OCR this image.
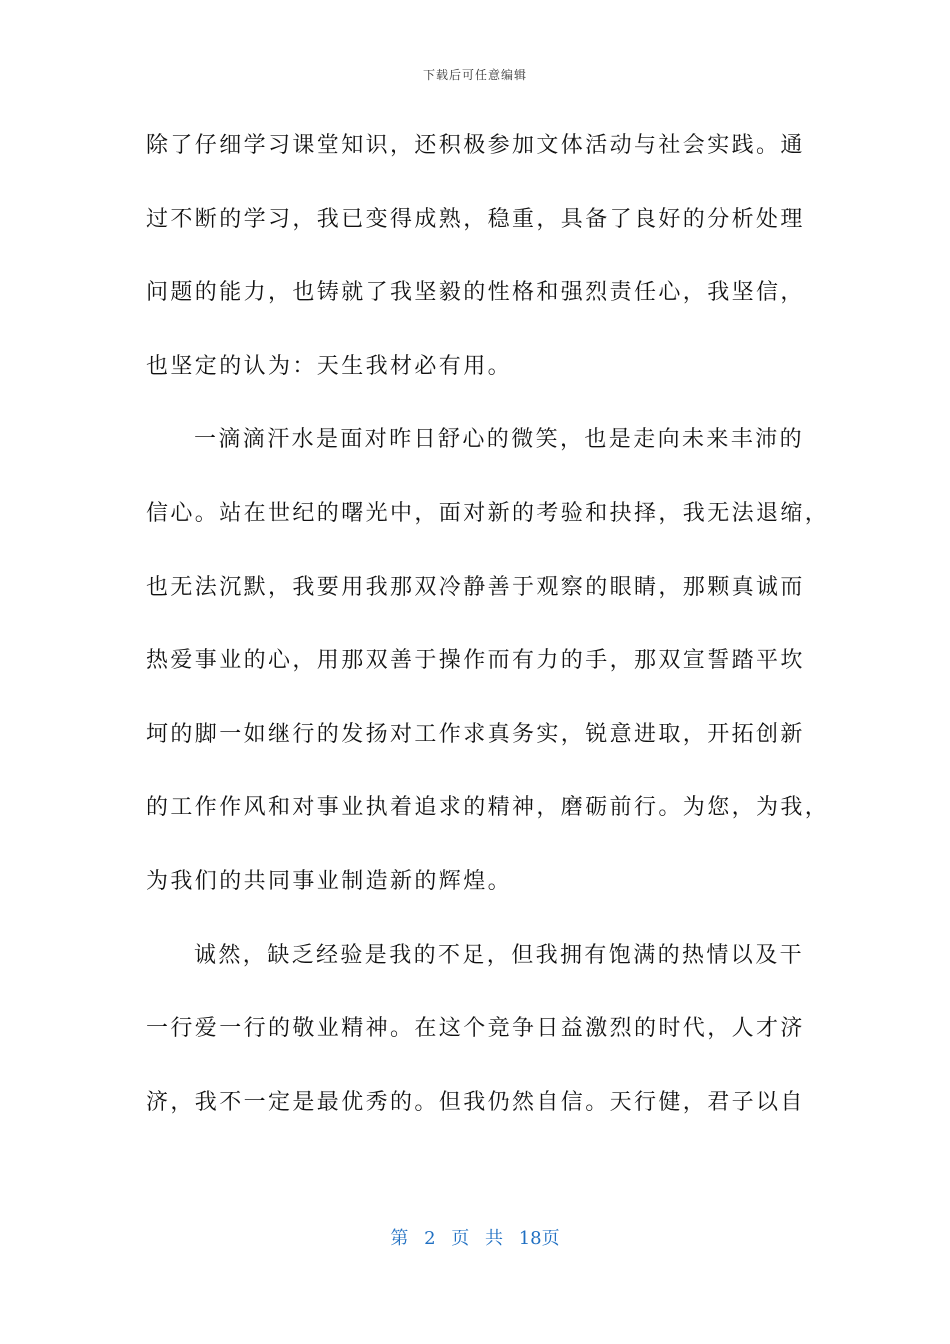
下载后可任意编辑
除了仔细学习课堂知识，还积极参加文体活动与社会实践。通
过不断的学习，我已变得成熟，稳重，具备了良好的分析处理
问题的能力，也铸就了我坚毅的性格和强烈责任心，我坚信，
也坚定的认为：天生我材必有用。
一滴滴汗水是面对昨日舒心的微笑，也是走向未来丰沛的
信心。站在世纪的曙光中，面对新的考验和抉择，我无法退缩，
也无法沉默，我要用我那双冷静善于观察的眼睛，那颗真诚而
热爱事业的心，用那双善于操作而有力的手，那双宣誓踏平坎
坷的脚一如继行的发扬对工作求真务实，锐意进取，开拓创新
的工作作风和对事业执着追求的精神，磨砺前行。为您，为我，
为我们的共同事业制造新的辉煌。
诚然，缺乏经验是我的不足，但我拥有饱满的热情以及干
一行爱一行的敬业精神。在这个竞争日益激烈的时代，人才济
济，我不一定是最优秀的。但我仍然自信。天行健，君子以自
第 2 页 共 18页
